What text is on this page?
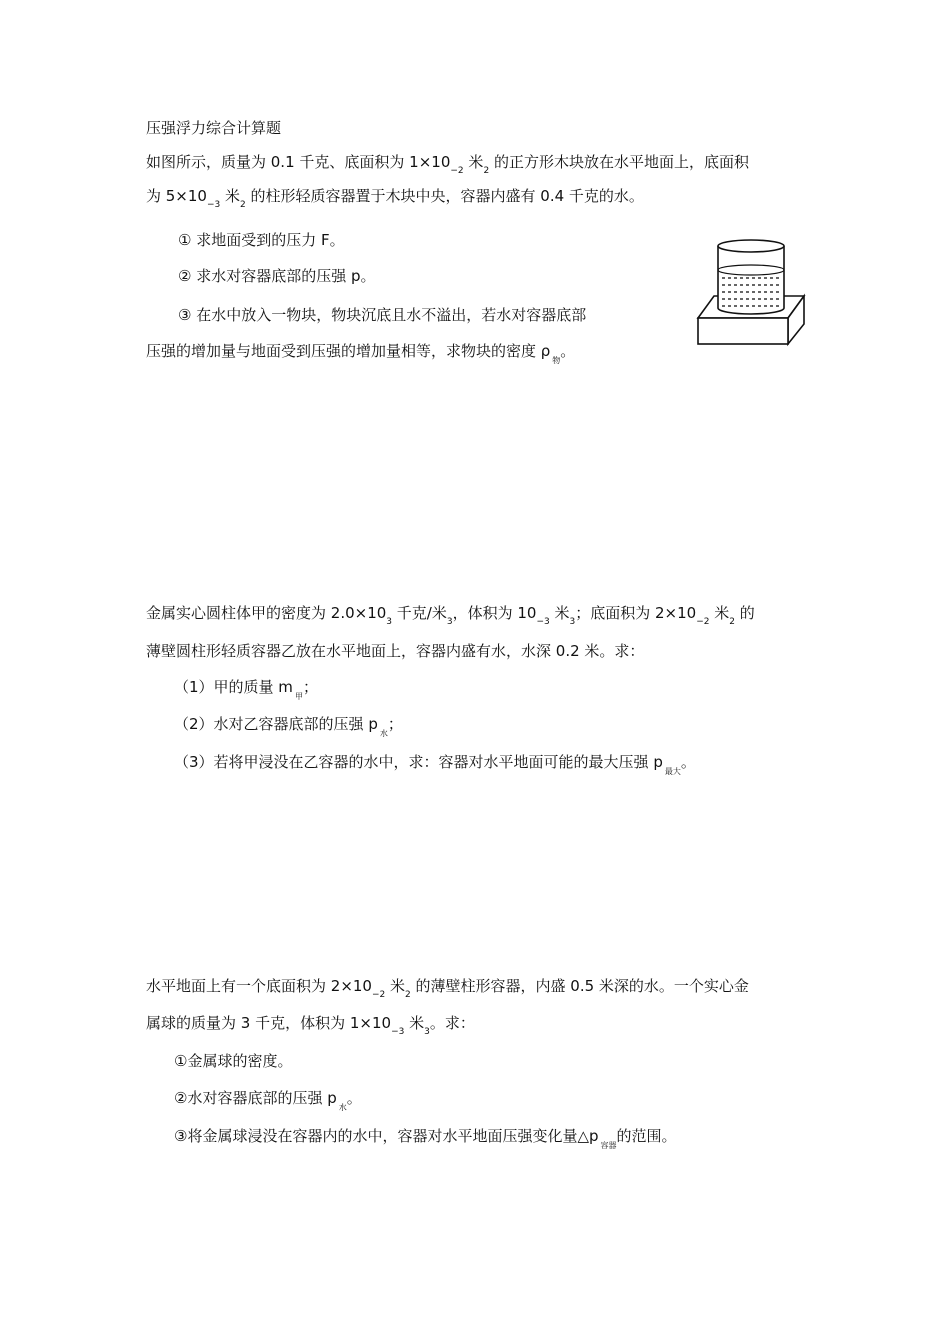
压强浮力综合计算题
如图所示，质量为 0.1 千克、底面积为 $1\times 10_{-2}$ 米$_2$ 的正方形木块放在水平地面上，底面积
为 $5\times 10_{-3}$ 米$_2$ 的柱形轻质容器置于木块中央，容器内盛有 0.4 千克的水。
① 求地面受到的压力 F。
② 求水对容器底部的压强 p。
③ 在水中放入一物块，物块沉底且水不溢出，若水对容器底部
压强的增加量与地面受到压强的增加量相等，求物块的密度 $\rho_物$。
金属实心圆柱体甲的密度为 $2.0\times 10_3$ 千克/米$_3$，体积为 $10_{-3}$ 米$_3$；底面积为 $2\times 10_{-2}$ 米$_2$ 的
薄壁圆柱形轻质容器乙放在水平地面上，容器内盛有水，水深 0.2 米。求：
（1）甲的质量 $m_甲$；
（2）水对乙容器底部的压强 $p_水$；
（3）若将甲浸没在乙容器的水中，求：容器对水平地面可能的最大压强 $p_{最大}$。
水平地面上有一个底面积为 $2\times 10_{-2}$ 米$_2$ 的薄壁柱形容器，内盛 0.5 米深的水。一个实心金
属球的质量为 3 千克，体积为 $1\times 10_{-3}$ 米$_3$。求：
①金属球的密度。
②水对容器底部的压强 $p_水$。
③将金属球浸没在容器内的水中，容器对水平地面压强变化量$\triangle p_{容器}$的范围。
